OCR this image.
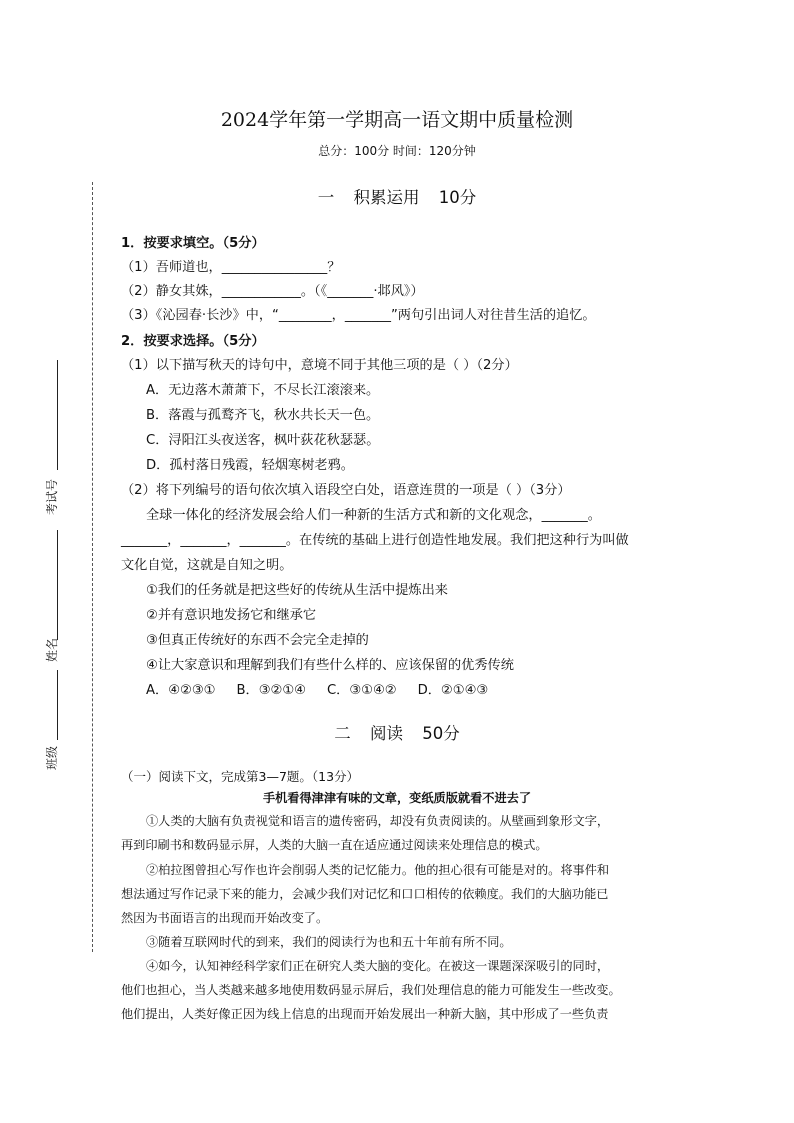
2024学年第一学期高一语文期中质量检测
总分：100分 时间：120分钟
考试号
姓名
班级
一 积累运用 10分
1．按要求填空。（5分）
（1）吾师道也，________________？
（2）静女其姝，____________。（《_______·邶风》）
（3）《沁园春·长沙》中，“________，_______”两句引出词人对往昔生活的追忆。
2．按要求选择。（5分）
（1）以下描写秋天的诗句中，意境不同于其他三项的是（ ）（2分）
A．无边落木萧萧下，不尽长江滚滚来。
B．落霞与孤鹜齐飞，秋水共长天一色。
C．浔阳江头夜送客，枫叶荻花秋瑟瑟。
D．孤村落日残霞，轻烟寒树老鸦。
（2）将下列编号的语句依次填入语段空白处，语意连贯的一项是（ ）（3分）
全球一体化的经济发展会给人们一种新的生活方式和新的文化观念，_______。
_______，_______，_______。在传统的基础上进行创造性地发展。我们把这种行为叫做
文化自觉，这就是自知之明。
①我们的任务就是把这些好的传统从生活中提炼出来
②并有意识地发扬它和继承它
③但真正传统好的东西不会完全走掉的
④让大家意识和理解到我们有些什么样的、应该保留的优秀传统
A．④②③①     B．③②①④     C．③①④②     D．②①④③
二 阅读 50分
（一）阅读下文，完成第3—7题。（13分）
手机看得津津有味的文章，变纸质版就看不进去了
①人类的大脑有负责视觉和语言的遗传密码，却没有负责阅读的。从壁画到象形文字，
再到印刷书和数码显示屏，人类的大脑一直在适应通过阅读来处理信息的模式。
②柏拉图曾担心写作也许会削弱人类的记忆能力。他的担心很有可能是对的。将事件和
想法通过写作记录下来的能力，会减少我们对记忆和口口相传的依赖度。我们的大脑功能已
然因为书面语言的出现而开始改变了。
③随着互联网时代的到来，我们的阅读行为也和五十年前有所不同。
④如今，认知神经科学家们正在研究人类大脑的变化。在被这一课题深深吸引的同时，
他们也担心，当人类越来越多地使用数码显示屏后，我们处理信息的能力可能发生一些改变。
他们提出，人类好像正因为线上信息的出现而开始发展出一种新大脑，其中形成了一些负责
